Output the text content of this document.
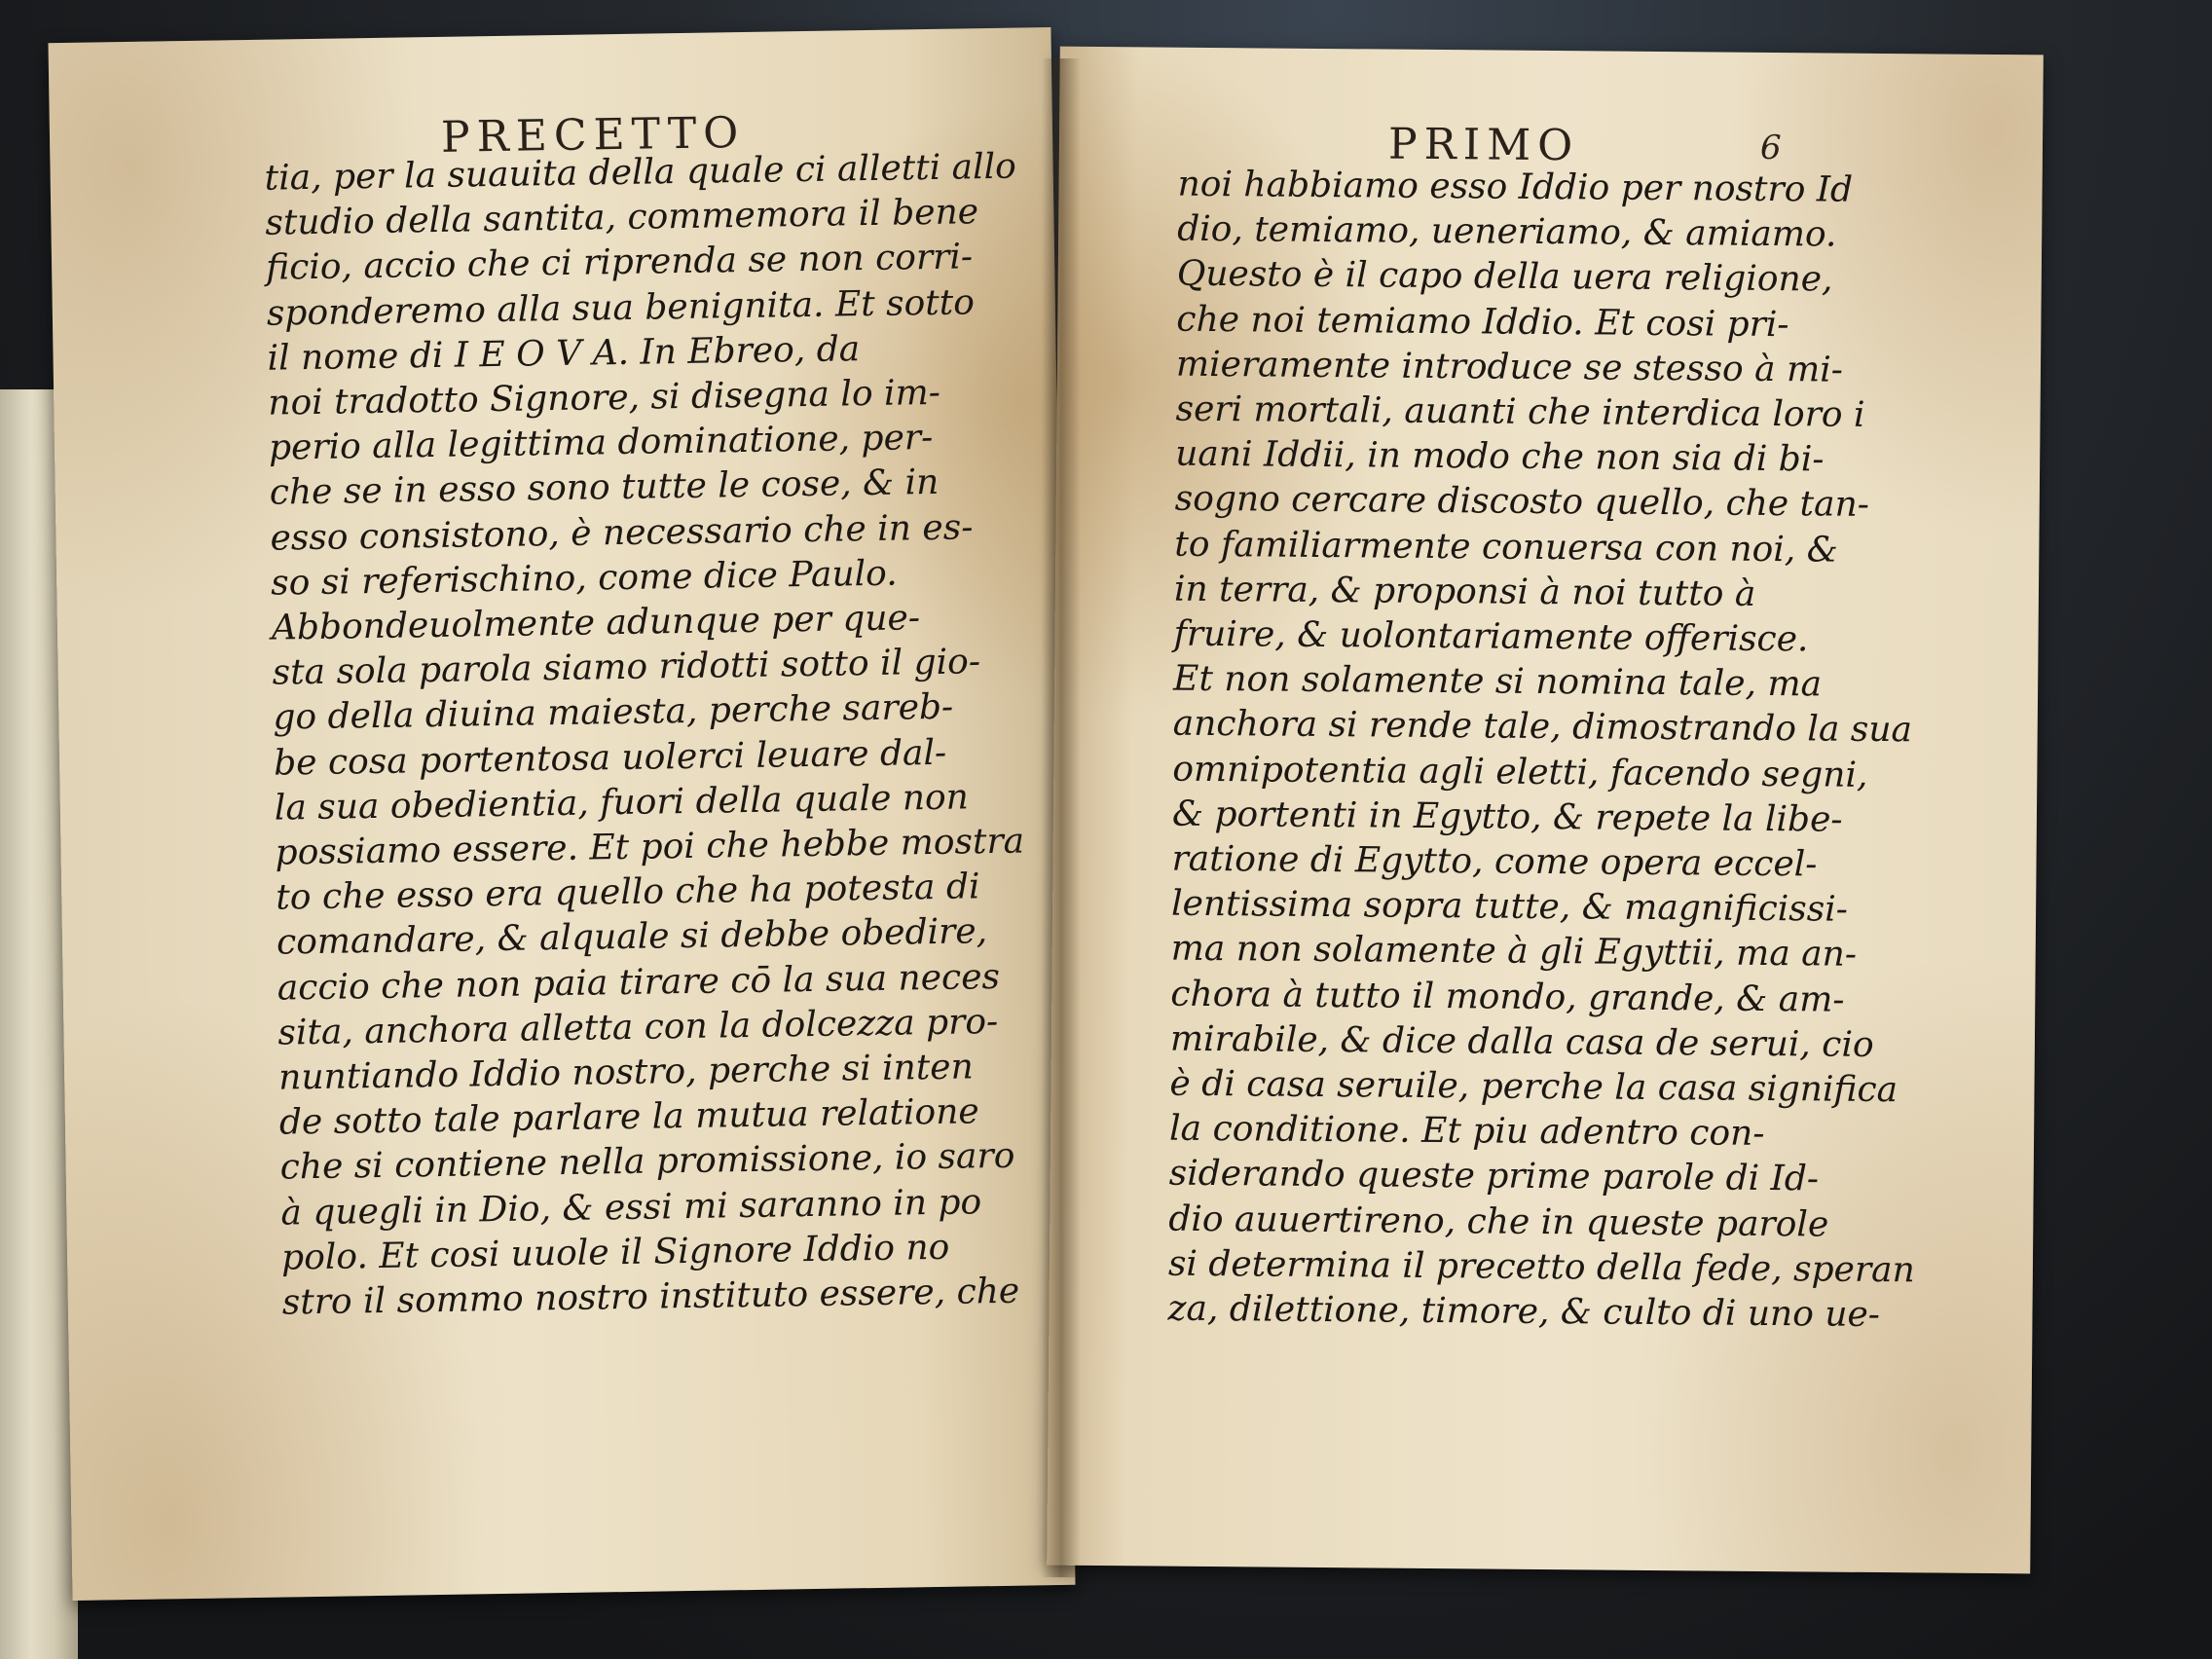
PRECETTO
tia, per la suauita della quale ci alletti allo
studio della santita, commemora il bene
ficio, accio che ci riprenda se non corri-
sponderemo alla sua benignita. Et sotto
il nome di I E O V A. In Ebreo, da
noi tradotto Signore, si disegna lo im-
perio alla legittima dominatione, per-
che se in esso sono tutte le cose, & in
esso consistono, è necessario che in es-
so si referischino, come dice Paulo.
Abbondeuolmente adunque per que-
sta sola parola siamo ridotti sotto il gio-
go della diuina maiesta, perche sareb-
be cosa portentosa uolerci leuare dal-
la sua obedientia, fuori della quale non
possiamo essere. Et poi che hebbe mostra
to che esso era quello che ha potesta di
comandare, & alquale si debbe obedire,
accio che non paia tirare cō la sua neces
sita, anchora alletta con la dolcezza pro-
nuntiando Iddio nostro, perche si inten
de sotto tale parlare la mutua relatione
che si contiene nella promissione, io saro
à quegli in Dio, & essi mi saranno in po
polo. Et cosi uuole il Signore Iddio no
stro il sommo nostro instituto essere, che
PRIMO	6
noi habbiamo esso Iddio per nostro Id
dio, temiamo, ueneriamo, & amiamo.
Questo è il capo della uera religione,
che noi temiamo Iddio. Et cosi pri-
mieramente introduce se stesso à mi-
seri mortali, auanti che interdica loro i
uani Iddii, in modo che non sia di bi-
sogno cercare discosto quello, che tan-
to familiarmente conuersa con noi, &
in terra, & proponsi à noi tutto à
fruire, & uolontariamente offerisce.
Et non solamente si nomina tale, ma
anchora si rende tale, dimostrando la sua
omnipotentia agli eletti, facendo segni,
& portenti in Egytto, & repete la libe-
ratione di Egytto, come opera eccel-
lentissima sopra tutte, & magnificissi-
ma non solamente à gli Egyttii, ma an-
chora à tutto il mondo, grande, & am-
mirabile, & dice dalla casa de serui, cio
è di casa seruile, perche la casa significa
la conditione. Et piu adentro con-
siderando queste prime parole di Id-
dio auuertireno, che in queste parole
si determina il precetto della fede, speran
za, dilettione, timore, & culto di uno ue-
